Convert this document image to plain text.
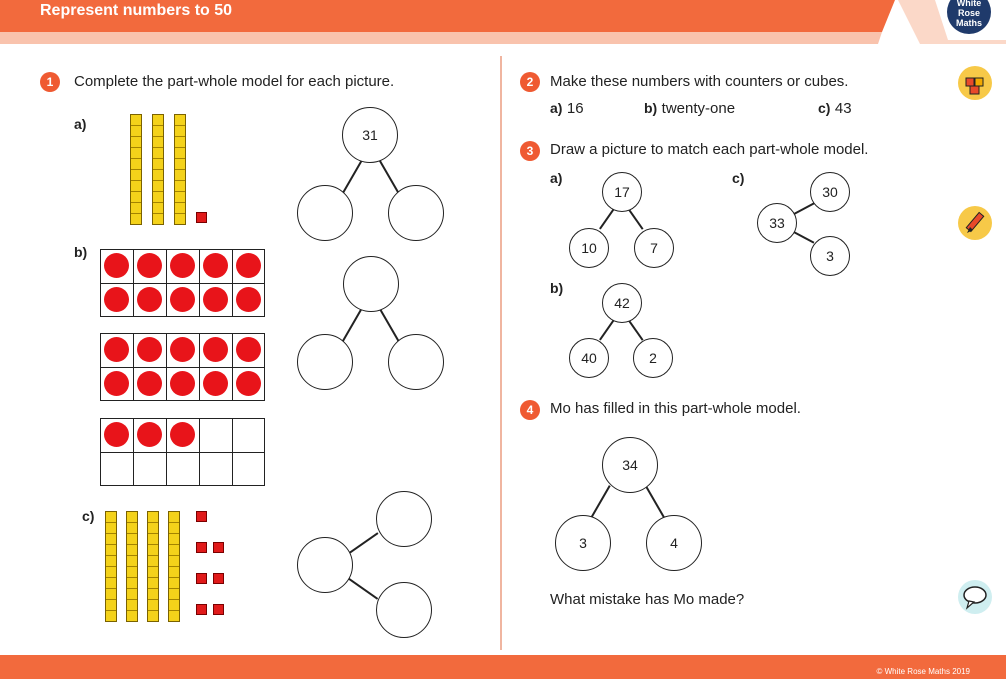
Represent numbers to 50	White
Rose
Maths
1	Complete the part-whole model for each picture.
a)
31
b)
c)
2	Make these numbers with counters or cubes.
a) 16	b) twenty-one	c) 43
3	Draw a picture to match each part-whole model.
a)
17
10	7
b)
42
40	2
c)
33
30
3
4	Mo has filled in this part-whole model.
34
3	4
What mistake has Mo made?
© White Rose Maths 2019
